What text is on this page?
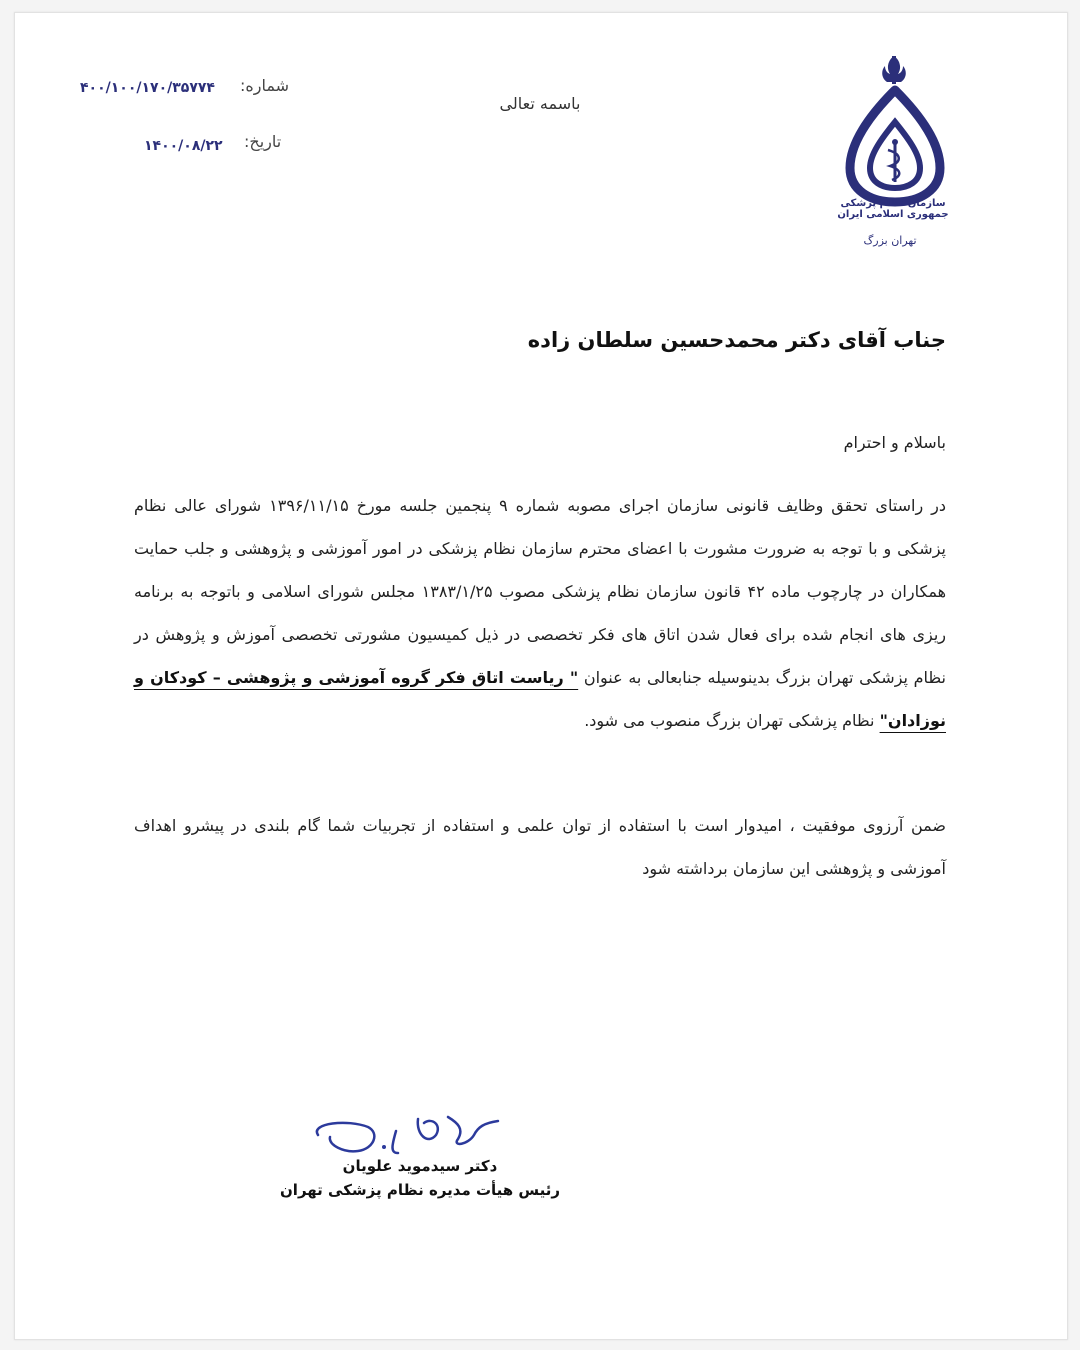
شماره:
۴۰۰/۱۰۰/۱۷۰/۳۵۷۷۴
تاریخ:
۱۴۰۰/۰۸/۲۲
باسمه تعالی
سازمان نظام پزشکی جمهوری اسلامی ایران
تهران بزرگ
جناب آقای دکتر محمدحسین سلطان زاده
باسلام و احترام
در راستای تحقق وظایف قانونی سازمان اجرای مصوبه شماره ۹ پنجمین جلسه مورخ ۱۳۹۶/۱۱/۱۵ شورای عالی نظام پزشکی و با توجه به ضرورت مشورت با اعضای محترم سازمان نظام پزشکی در امور آموزشی و پژوهشی و جلب حمایت همکاران در چارچوب ماده ۴۲ قانون سازمان نظام پزشکی مصوب ۱۳۸۳/۱/۲۵ مجلس شورای اسلامی و باتوجه به برنامه ریزی های انجام شده برای فعال شدن اتاق های فکر تخصصی در ذیل کمیسیون مشورتی تخصصی آموزش و پژوهش در نظام پزشکی تهران بزرگ بدینوسیله جنابعالی به عنوان " ریاست اتاق فکر گروه آموزشی و پژوهشی – کودکان و نوزادان" نظام پزشکی تهران بزرگ منصوب می شود.
ضمن آرزوی موفقیت ، امیدوار است با استفاده از توان علمی و استفاده از تجربیات شما گام بلندی در پیشرو اهداف آموزشی و پژوهشی این سازمان برداشته شود
دکتر سیدموید علویان
رئیس هیأت مدیره نظام پزشکی تهران
